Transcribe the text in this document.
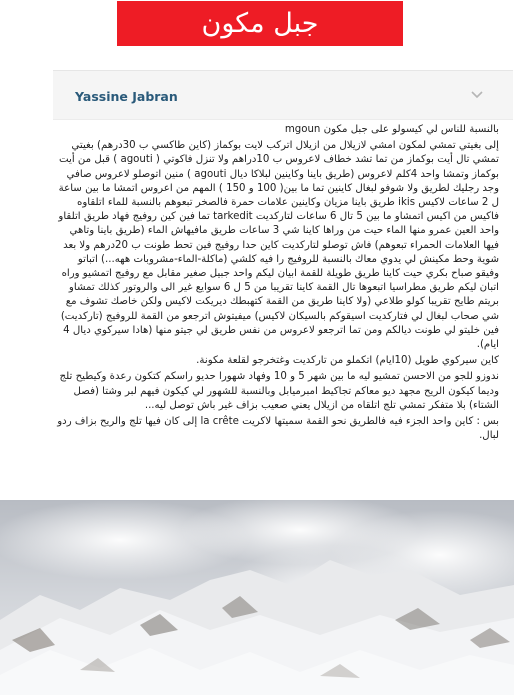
جبل مكون
Yassine Jabran

بالنسبة للناس لي كيسولو على جبل مكون mgoun

إلى بغيتي تمشي لمكون امشي لازيلال من ازيلال اتركب لايت بوكماز (كاين طاكسي ب 30درهم) بغيتي تمشي تال أيت بوكماز من تما تشد خطاف لاعروس ب 10دراهم ولا تنزل فاكوتي ( agouti ) قبل من أيت بوكماز وتمشا واحد 4كلم لاعروس (طريق باينا وكاينين لبلاكا ديال agouti ) منين اتوصلو لاعروس صافي وجد رجليك لطريق ولا شوفو لبغال كاينين تما ما بين( 100 و 150 ) المهم من اعروس اتمشا ما بين ساعة ل 2 ساعات لاكيس ikis طريق باينا مزيان وكاينين علامات حمرة فالصخر تبعوهم بالنسبة للماء اتلقاوه فاكيس من اكيس اتمشاو ما بين 5 تال 6 ساعات لتاركديت tarkedit تما فين كين روفيج فهاد طريق اتلقاو واحد العين عمرو منها الماء حيت من وراها كاينا شي 3 ساعات طريق مافيهاش الماء (طريق باينا وتاهي فيها العلامات الحمراء تبعوهم) فاش توصلو لتاركديت كاين حدا روفيج فين تحط طونت ب 20درهم ولا بعد شوية وحط مكينش لي يدوي معاك بالنسبة للروفيج را فيه كلشي (ماكلة-الماء-مشروبات ههه...) اتباتو وفيقو صباح بكري حيت كاينا طريق طويلة للقمة ابيان ليكم واحد جبيل صغير مقابل مع روفيج اتمشيو وراه اتبان ليكم طريق مطراسيا اتبعوها تال القمة كاينا تقريبا من 5 ل 6 سوايع غير الى والروتور كذلك تمشاو بريتم طايح تقريبا كولو طلاعي (ولا كاينا طريق من القمة كتهبطك ديريكت لاكيس ولكن خاصك تشوف مع شي صحاب لبغال لي فتاركديت اسيقوكم بالسيكان لاكيس) ميفيتوش اترجعو من القمة للروفيج (تاركديت) فين خليتو لي طونت ديالكم ومن تما اترجعو لاعروس من نفس طريق لي جيتو منها (هادا سيركوي ديال 4 ايام).

كاين سيركوي طويل (10ايام) اتكملو من تاركديت وغتخرجو لقلعة مكونة.

ندوزو للجو من الاحسن تمشيو ليه ما بين شهر 5 و 10 وفهاد شهورا حديو راسكم كتكون رعدة وكيطيح تلج وديما كيكون الريح مجهد ديو معاكم تجاكيط امبرميابل وبالنسبة للشهور لي كيكون فيهم لبر وشتا (فصل الشتاء) بلا متفكر تمشي تلج اتلقاه من ازيلال يعني صعيب بزاف غير باش توصل ليه...

بس : كاين واحد الجزء فيه فالطريق نحو القمة سميتها لاكريت la crête إلى كان فيها تلج والريح بزاف ردو لبال.
